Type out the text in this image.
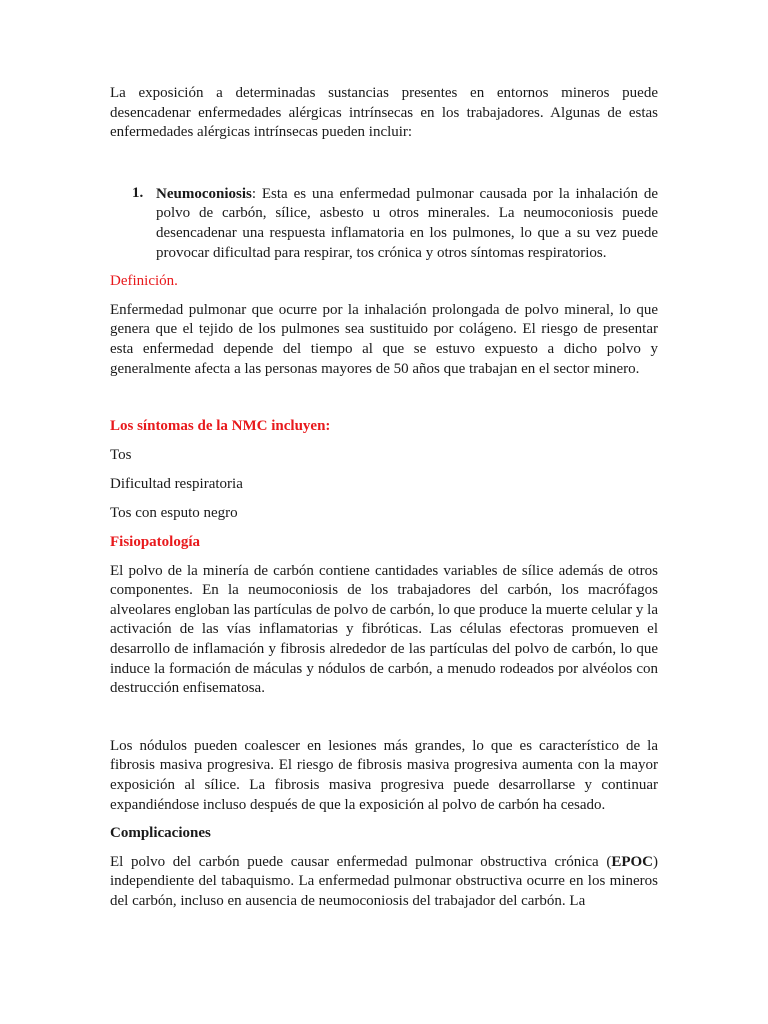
La exposición a determinadas sustancias presentes en entornos mineros puede desencadenar enfermedades alérgicas intrínsecas en los trabajadores. Algunas de estas enfermedades alérgicas intrínsecas pueden incluir:

1. Neumoconiosis: Esta es una enfermedad pulmonar causada por la inhalación de polvo de carbón, sílice, asbesto u otros minerales. La neumoconiosis puede desencadenar una respuesta inflamatoria en los pulmones, lo que a su vez puede provocar dificultad para respirar, tos crónica y otros síntomas respiratorios.

Definición.

Enfermedad pulmonar que ocurre por la inhalación prolongada de polvo mineral, lo que genera que el tejido de los pulmones sea sustituido por colágeno. El riesgo de presentar esta enfermedad depende del tiempo al que se estuvo expuesto a dicho polvo y generalmente afecta a las personas mayores de 50 años que trabajan en el sector minero.

Los síntomas de la NMC incluyen:
Tos
Dificultad respiratoria
Tos con esputo negro
Fisiopatología

El polvo de la minería de carbón contiene cantidades variables de sílice además de otros componentes. En la neumoconiosis de los trabajadores del carbón, los macrófagos alveolares engloban las partículas de polvo de carbón, lo que produce la muerte celular y la activación de las vías inflamatorias y fibróticas. Las células efectoras promueven el desarrollo de inflamación y fibrosis alrededor de las partículas del polvo de carbón, lo que induce la formación de máculas y nódulos de carbón, a menudo rodeados por alvéolos con destrucción enfisematosa.

Los nódulos pueden coalescer en lesiones más grandes, lo que es característico de la fibrosis masiva progresiva. El riesgo de fibrosis masiva progresiva aumenta con la mayor exposición al sílice. La fibrosis masiva progresiva puede desarrollarse y continuar expandiéndose incluso después de que la exposición al polvo de carbón ha cesado.

Complicaciones

El polvo del carbón puede causar enfermedad pulmonar obstructiva crónica (EPOC) independiente del tabaquismo. La enfermedad pulmonar obstructiva ocurre en los mineros del carbón, incluso en ausencia de neumoconiosis del trabajador del carbón. La
